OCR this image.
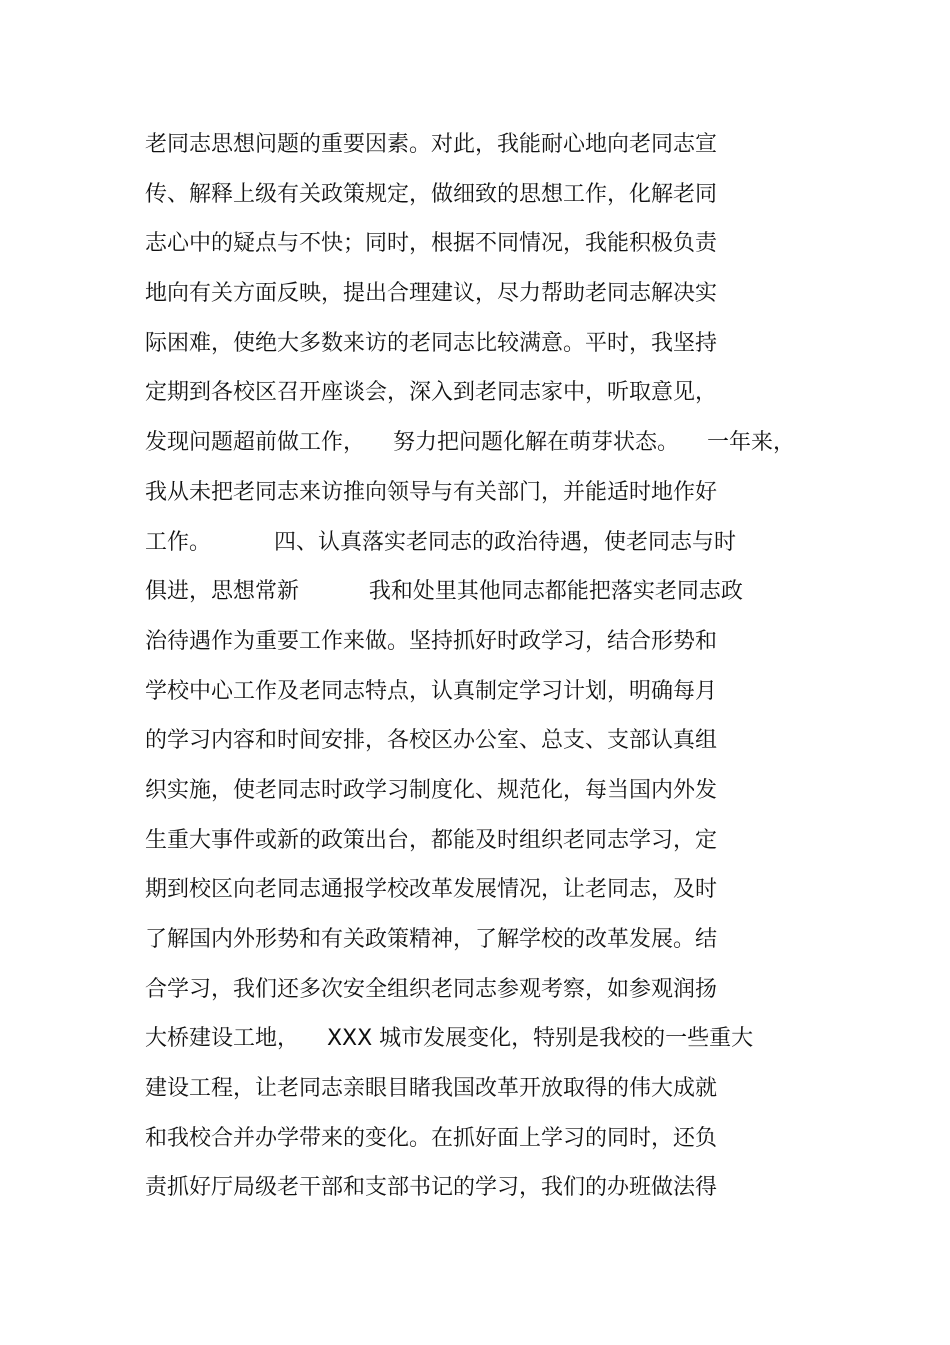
老同志思想问题的重要因素。对此，我能耐心地向老同志宣
传、解释上级有关政策规定，做细致的思想工作，化解老同
志心中的疑点与不快；同时，根据不同情况，我能积极负责
地向有关方面反映，提出合理建议，尽力帮助老同志解决实
际困难，使绝大多数来访的老同志比较满意。平时，我坚持
定期到各校区召开座谈会，深入到老同志家中，听取意见，
发现问题超前做工作，    努力把问题化解在萌芽状态。    一年来，
我从未把老同志来访推向领导与有关部门，并能适时地作好
工作。         四、认真落实老同志的政治待遇，使老同志与时
俱进，思想常新          我和处里其他同志都能把落实老同志政
治待遇作为重要工作来做。坚持抓好时政学习，结合形势和
学校中心工作及老同志特点，认真制定学习计划，明确每月
的学习内容和时间安排，各校区办公室、总支、支部认真组
织实施，使老同志时政学习制度化、规范化，每当国内外发
生重大事件或新的政策出台，都能及时组织老同志学习，定
期到校区向老同志通报学校改革发展情况，让老同志，及时
了解国内外形势和有关政策精神，了解学校的改革发展。结
合学习，我们还多次安全组织老同志参观考察，如参观润扬
大桥建设工地，    XXX 城市发展变化，特别是我校的一些重大
建设工程，让老同志亲眼目睹我国改革开放取得的伟大成就
和我校合并办学带来的变化。在抓好面上学习的同时，还负
责抓好厅局级老干部和支部书记的学习，我们的办班做法得
